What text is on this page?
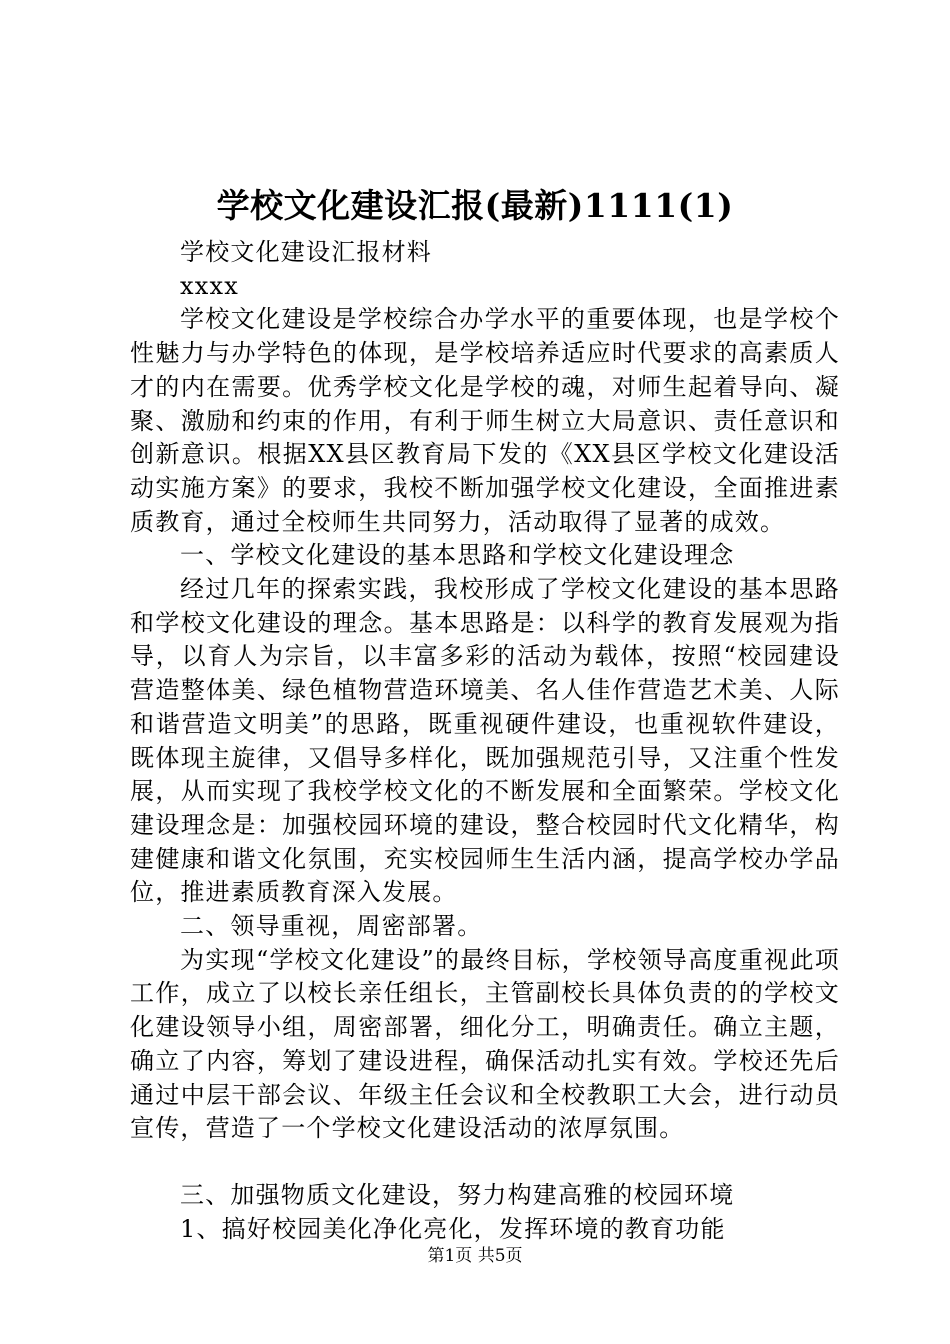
学校文化建设汇报(最新)1111(1)

学校文化建设汇报材料

xxxx

学校文化建设是学校综合办学水平的重要体现，也是学校个性魅力与办学特色的体现，是学校培养适应时代要求的高素质人才的内在需要。优秀学校文化是学校的魂，对师生起着导向、凝聚、激励和约束的作用，有利于师生树立大局意识、责任意识和创新意识。根据XX县区教育局下发的《XX县区学校文化建设活动实施方案》的要求，我校不断加强学校文化建设，全面推进素质教育，通过全校师生共同努力，活动取得了显著的成效。

一、学校文化建设的基本思路和学校文化建设理念

经过几年的探索实践，我校形成了学校文化建设的基本思路和学校文化建设的理念。基本思路是：以科学的教育发展观为指导，以育人为宗旨，以丰富多彩的活动为载体，按照“校园建设营造整体美、绿色植物营造环境美、名人佳作营造艺术美、人际和谐营造文明美”的思路，既重视硬件建设，也重视软件建设，既体现主旋律，又倡导多样化，既加强规范引导，又注重个性发展，从而实现了我校学校文化的不断发展和全面繁荣。学校文化建设理念是：加强校园环境的建设，整合校园时代文化精华，构建健康和谐文化氛围，充实校园师生生活内涵，提高学校办学品位，推进素质教育深入发展。

二、领导重视，周密部署。

为实现“学校文化建设”的最终目标，学校领导高度重视此项工作，成立了以校长亲任组长，主管副校长具体负责的的学校文化建设领导小组，周密部署，细化分工，明确责任。确立主题，确立了内容，筹划了建设进程，确保活动扎实有效。学校还先后通过中层干部会议、年级主任会议和全校教职工大会，进行动员宣传，营造了一个学校文化建设活动的浓厚氛围。

三、加强物质文化建设，努力构建高雅的校园环境

1、搞好校园美化净化亮化，发挥环境的教育功能

第1页 共5页
